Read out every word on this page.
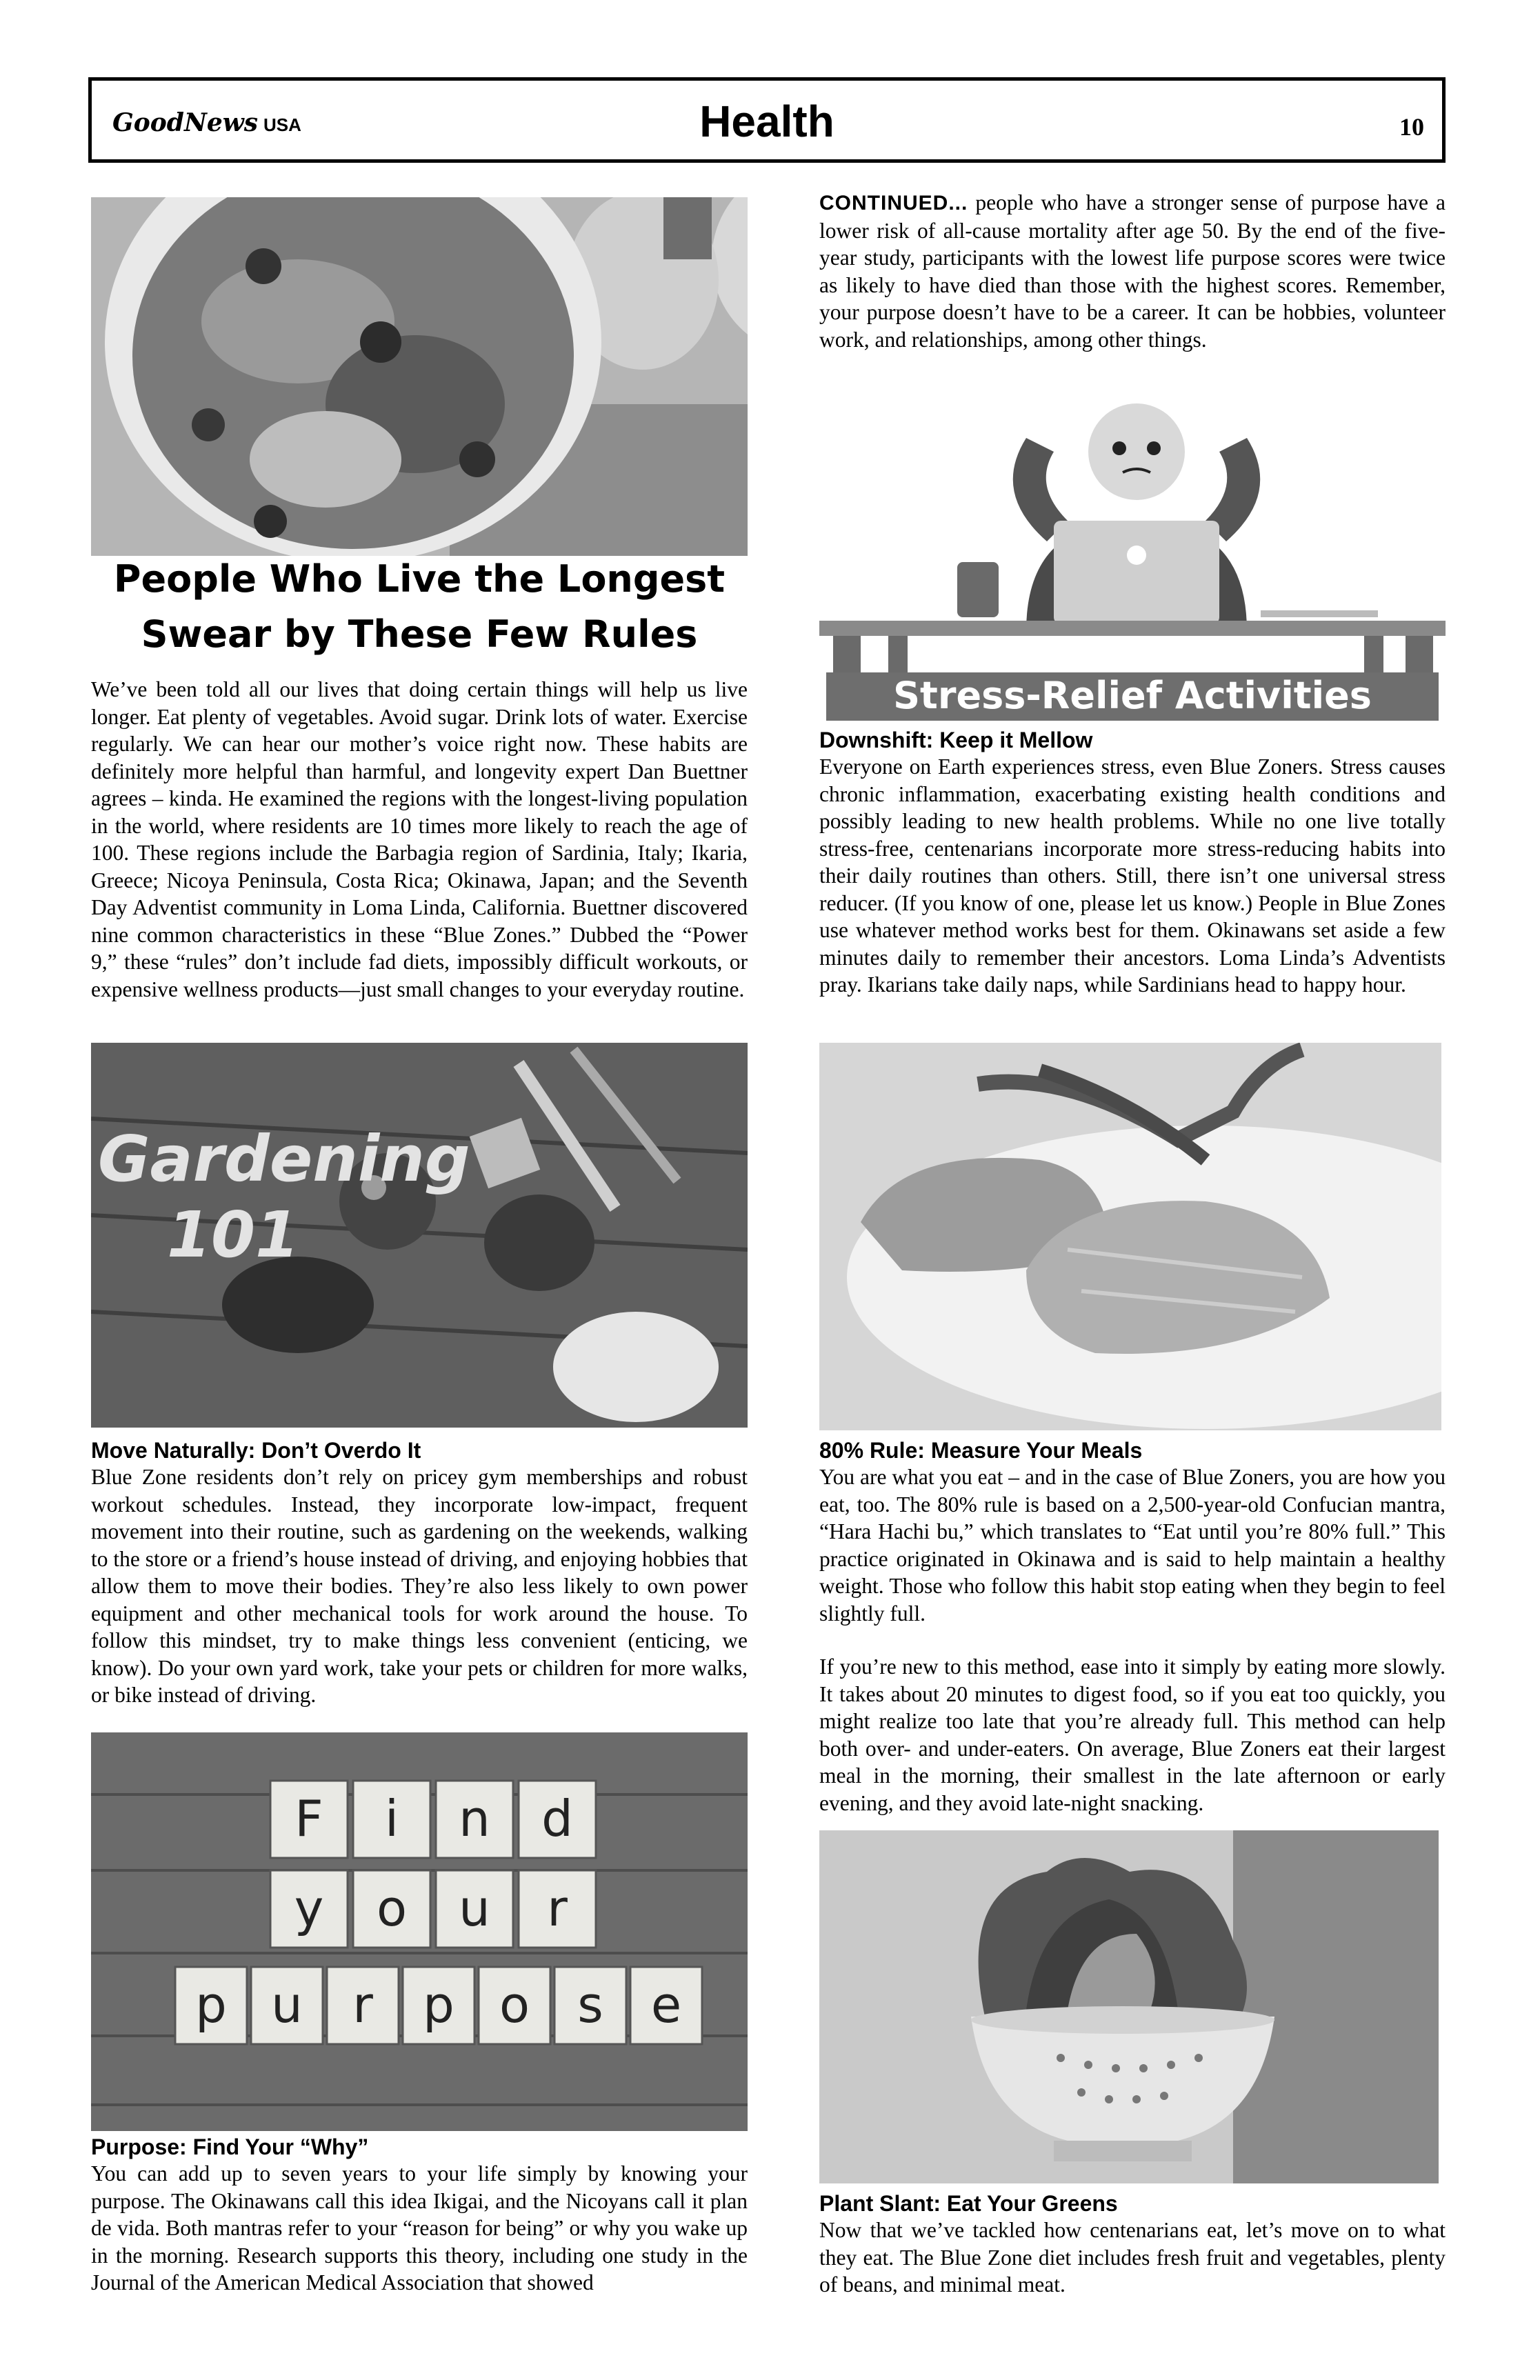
GoodNews USA	Health	10
People Who Live the Longest
Swear by These Few Rules

We’ve been told all our lives that doing certain things will help us live longer. Eat plenty of vegetables. Avoid sugar. Drink lots of water. Exercise regularly. We can hear our mother’s voice right now. These habits are definitely more helpful than harmful, and longevity expert Dan Buettner agrees – kinda. He examined the regions with the longest-living population in the world, where residents are 10 times more likely to reach the age of 100. These regions include the Barbagia region of Sardinia, Italy; Ikaria, Greece; Nicoya Peninsula, Costa Rica; Okinawa, Japan; and the Seventh Day Adventist community in Loma Linda, California. Buettner discovered nine common characteristics in these “Blue Zones.” Dubbed the “Power 9,” these “rules” don’t include fad diets, impossibly difficult workouts, or expensive wellness products—just small changes to your everyday routine.

CONTINUED... people who have a stronger sense of purpose have a lower risk of all-cause mortality after age 50. By the end of the five-year study, participants with the lowest life purpose scores were twice as likely to have died than those with the highest scores. Remember, your purpose doesn’t have to be a career. It can be hobbies, volunteer work, and relationships, among other things.

Stress-Relief Activities
Downshift: Keep it Mellow

Everyone on Earth experiences stress, even Blue Zoners. Stress causes chronic inflammation, exacerbating existing health conditions and possibly leading to new health problems. While no one live totally stress-free, centenarians incorporate more stress-reducing habits into their daily routines than others. Still, there isn’t one universal stress reducer. (If you know of one, please let us know.) People in Blue Zones use whatever method works best for them. Okinawans set aside a few minutes daily to remember their ancestors. Loma Linda’s Adventists pray. Ikarians take daily naps, while Sardinians head to happy hour.

Gardening
101
Move Naturally: Don’t Overdo It

Blue Zone residents don’t rely on pricey gym memberships and robust workout schedules. Instead, they incorporate low-impact, frequent movement into their routine, such as gardening on the weekends, walking to the store or a friend’s house instead of driving, and enjoying hobbies that allow them to move their bodies. They’re also less likely to own power equipment and other mechanical tools for work around the house. To follow this mindset, try to make things less convenient (enticing, we know). Do your own yard work, take your pets or children for more walks, or bike instead of driving.

80% Rule: Measure Your Meals

You are what you eat – and in the case of Blue Zoners, you are how you eat, too. The 80% rule is based on a 2,500-year-old Confucian mantra, “Hara Hachi bu,” which translates to “Eat until you’re 80% full.” This practice originated in Okinawa and is said to help maintain a healthy weight. Those who follow this habit stop eating when they begin to feel slightly full.

If you’re new to this method, ease into it simply by eating more slowly. It takes about 20 minutes to digest food, so if you eat too quickly, you might realize too late that you’re already full. This method can help both over- and under-eaters. On average, Blue Zoners eat their largest meal in the morning, their smallest in the late afternoon or early evening, and they avoid late-night snacking.

F i n d
y o u r
p u r p o s e
Purpose: Find Your “Why”

You can add up to seven years to your life simply by knowing your purpose. The Okinawans call this idea Ikigai, and the Nicoyans call it plan de vida. Both mantras refer to your “reason for being” or why you wake up in the morning. Research supports this theory, including one study in the Journal of the American Medical Association that showed

Plant Slant: Eat Your Greens

Now that we’ve tackled how centenarians eat, let’s move on to what they eat. The Blue Zone diet includes fresh fruit and vegetables, plenty of beans, and minimal meat.
